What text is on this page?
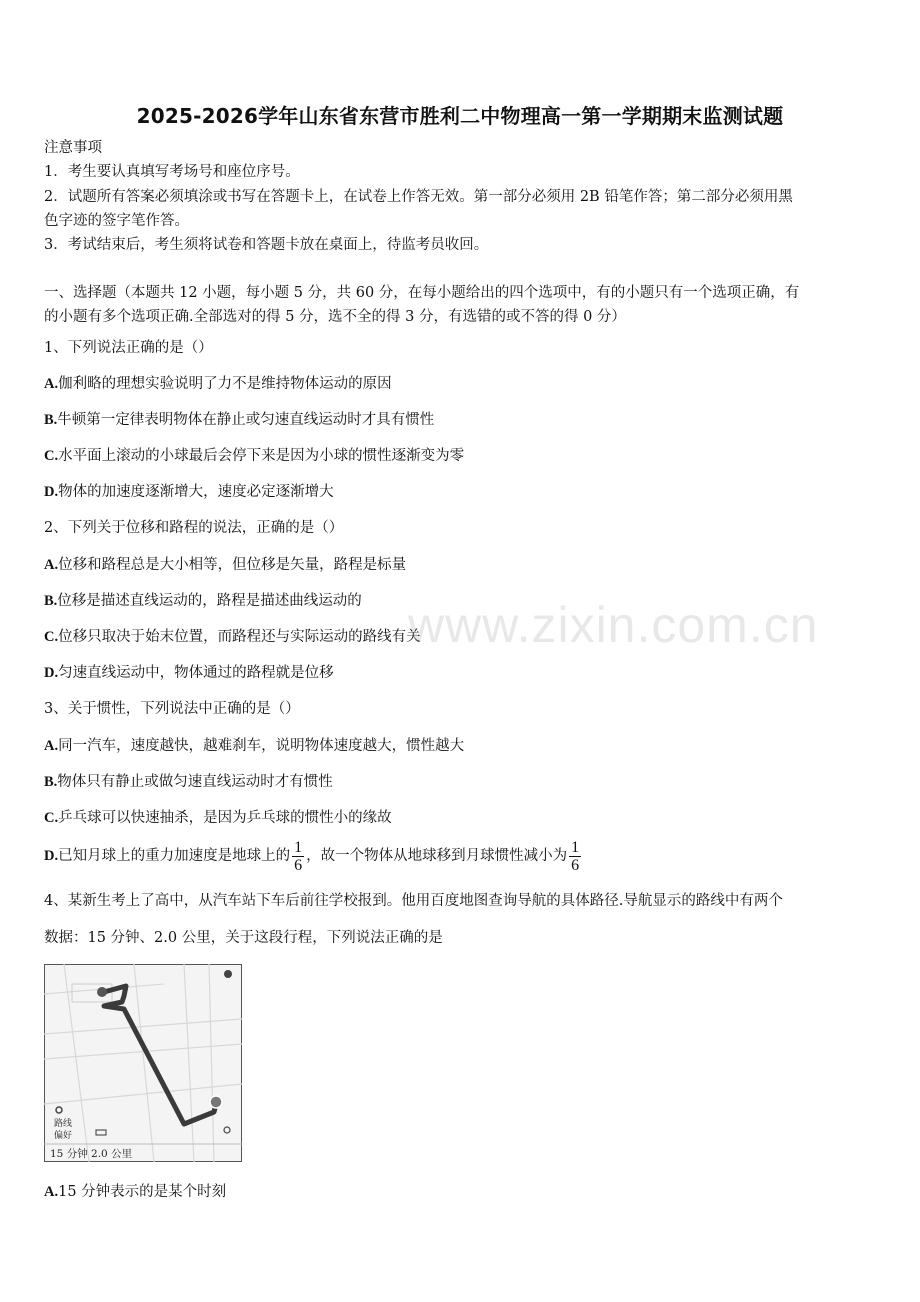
2025-2026学年山东省东营市胜利二中物理高一第一学期期末监测试题
注意事项
1．考生要认真填写考场号和座位序号。
2．试题所有答案必须填涂或书写在答题卡上，在试卷上作答无效。第一部分必须用 2B 铅笔作答；第二部分必须用黑
色字迹的签字笔作答。
3．考试结束后，考生须将试卷和答题卡放在桌面上，待监考员收回。
一、选择题（本题共 12 小题，每小题 5 分，共 60 分，在每小题给出的四个选项中，有的小题只有一个选项正确，有
的小题有多个选项正确.全部选对的得 5 分，选不全的得 3 分，有选错的或不答的得 0 分）
1、下列说法正确的是（）
A.伽利略的理想实验说明了力不是维持物体运动的原因
B.牛顿第一定律表明物体在静止或匀速直线运动时才具有惯性
C.水平面上滚动的小球最后会停下来是因为小球的惯性逐渐变为零
D.物体的加速度逐渐增大，速度必定逐渐增大
2、下列关于位移和路程的说法，正确的是（）
A.位移和路程总是大小相等，但位移是矢量，路程是标量
B.位移是描述直线运动的，路程是描述曲线运动的
C.位移只取决于始末位置，而路程还与实际运动的路线有关
D.匀速直线运动中，物体通过的路程就是位移
3、关于惯性，下列说法中正确的是（）
A.同一汽车，速度越快，越难刹车，说明物体速度越大，惯性越大
B.物体只有静止或做匀速直线运动时才有惯性
C.乒乓球可以快速抽杀，是因为乒乓球的惯性小的缘故
D.已知月球上的重力加速度是地球上的 $\frac{1}{6}$ ，故一个物体从地球移到月球惯性减小为 $\frac{1}{6}$
4、某新生考上了高中，从汽车站下车后前往学校报到。他用百度地图查询导航的具体路径.导航显示的路线中有两个
数据：15 分钟、2.0 公里，关于这段行程，下列说法正确的是
路线
偏好
15 分钟 2.0 公里
A.15 分钟表示的是某个时刻
www.zixin.com.cn
